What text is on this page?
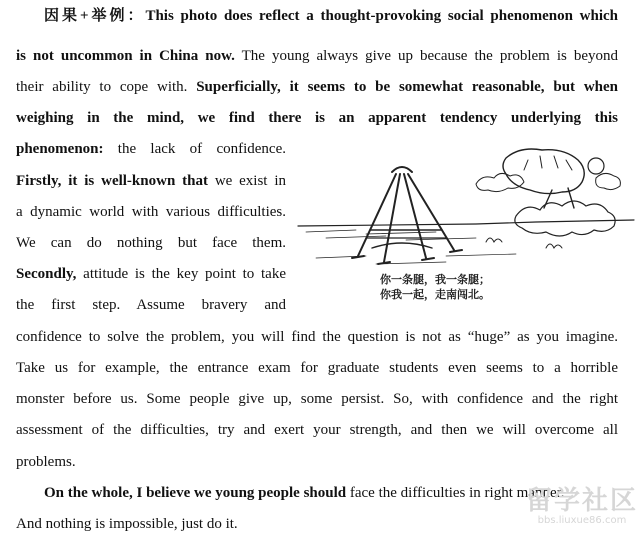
因果+举例：This photo does reflect a thought-provoking social phenomenon which
is not uncommon in China now. The young always give up because the problem is beyond
their ability to cope with. Superficially, it seems to be somewhat reasonable, but when
weighing in the mind, we find there is an apparent tendency underlying this
phenomenon: the lack of confidence.
Firstly, it is well-known that we exist in
a dynamic world with various difficulties.
We can do nothing but face them.
Secondly, attitude is the key point to take
the first step. Assume bravery and
confidence to solve the problem, you will find the question is not as “huge” as you imagine.
Take us for example, the entrance exam for graduate students even seems to a horrible
monster before us. Some people give up, some persist. So, with confidence and the right
assessment of the difficulties, try and exert your strength, and then we will overcome all
problems.
On the whole, I believe we young people should face the difficulties in right manner.
And nothing is impossible, just do it.
你一条腿，我一条腿；
你我一起，走南闯北。
留学社区
bbs.liuxue86.com
